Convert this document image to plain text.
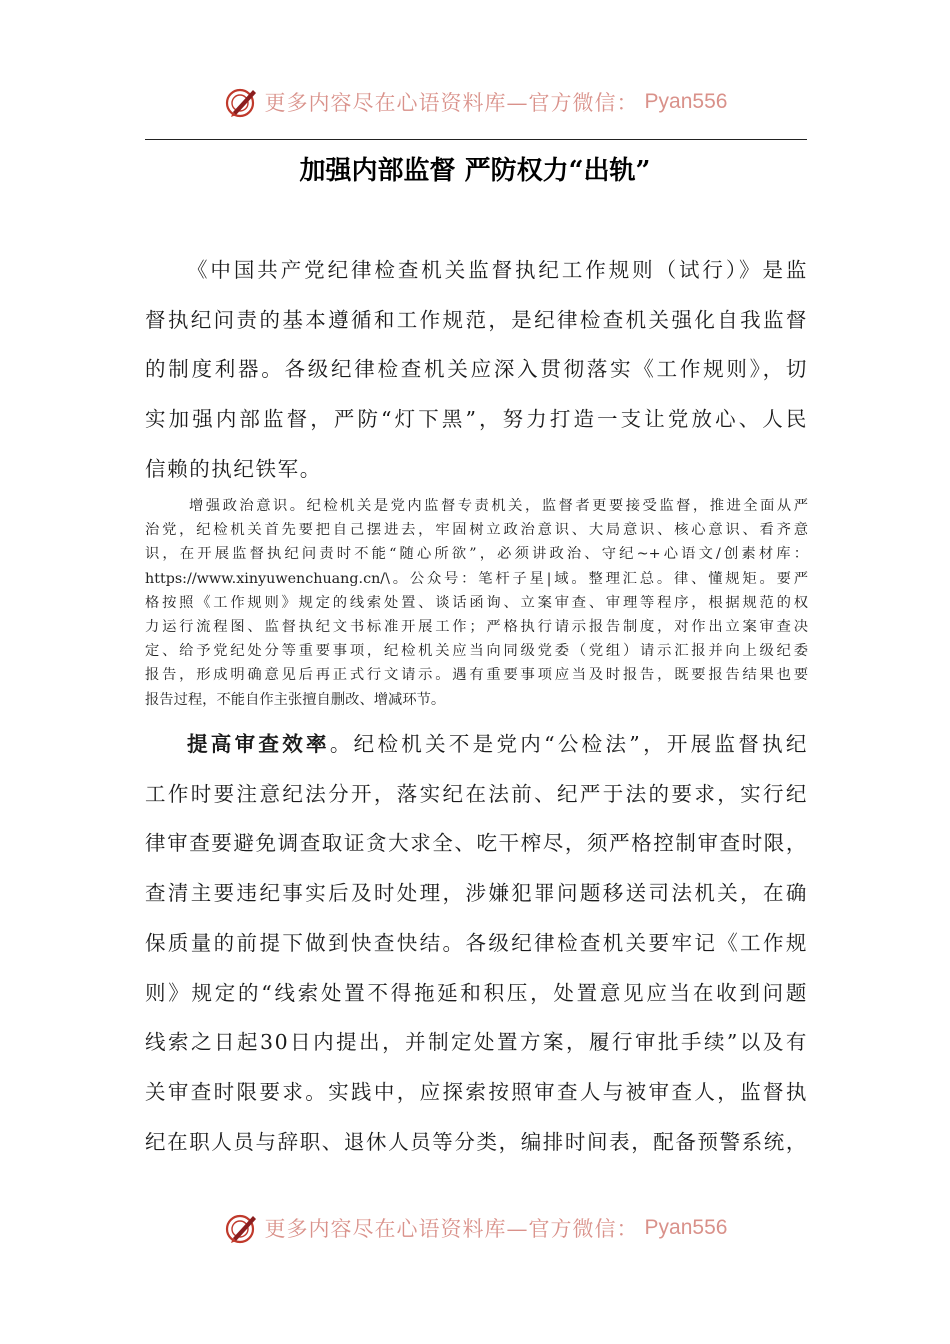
更多内容尽在心语资料库—官方微信： Pyan556
加强内部监督 严防权力“出轨”
《中国共产党纪律检查机关监督执纪工作规则（试行）》是监
督执纪问责的基本遵循和工作规范，是纪律检查机关强化自我监督
的制度利器。各级纪律检查机关应深入贯彻落实《工作规则》，切
实加强内部监督，严防“灯下黑”，努力打造一支让党放心、人民
信赖的执纪铁军。
增强政治意识。纪检机关是党内监督专责机关，监督者更要接受监督，推进全面从严
治党，纪检机关首先要把自己摆进去，牢固树立政治意识、大局意识、核心意识、看齐意
识，在开展监督执纪问责时不能“随心所欲”，必须讲政治、守纪~+心语文/创素材库：
https://www.xinyuwenchuang.cn/\。公众号：笔杆子星|域。整理汇总。律、懂规矩。要严
格按照《工作规则》规定的线索处置、谈话函询、立案审查、审理等程序，根据规范的权
力运行流程图、监督执纪文书标准开展工作；严格执行请示报告制度，对作出立案审查决
定、给予党纪处分等重要事项，纪检机关应当向同级党委（党组）请示汇报并向上级纪委
报告，形成明确意见后再正式行文请示。遇有重要事项应当及时报告，既要报告结果也要
报告过程，不能自作主张擅自删改、增减环节。
提高审查效率。纪检机关不是党内“公检法”，开展监督执纪
工作时要注意纪法分开，落实纪在法前、纪严于法的要求，实行纪
律审查要避免调查取证贪大求全、吃干榨尽，须严格控制审查时限，
查清主要违纪事实后及时处理，涉嫌犯罪问题移送司法机关，在确
保质量的前提下做到快查快结。各级纪律检查机关要牢记《工作规
则》规定的“线索处置不得拖延和积压，处置意见应当在收到问题
线索之日起30日内提出，并制定处置方案，履行审批手续”以及有
关审查时限要求。实践中，应探索按照审查人与被审查人，监督执
纪在职人员与辞职、退休人员等分类，编排时间表，配备预警系统，
更多内容尽在心语资料库—官方微信： Pyan556
